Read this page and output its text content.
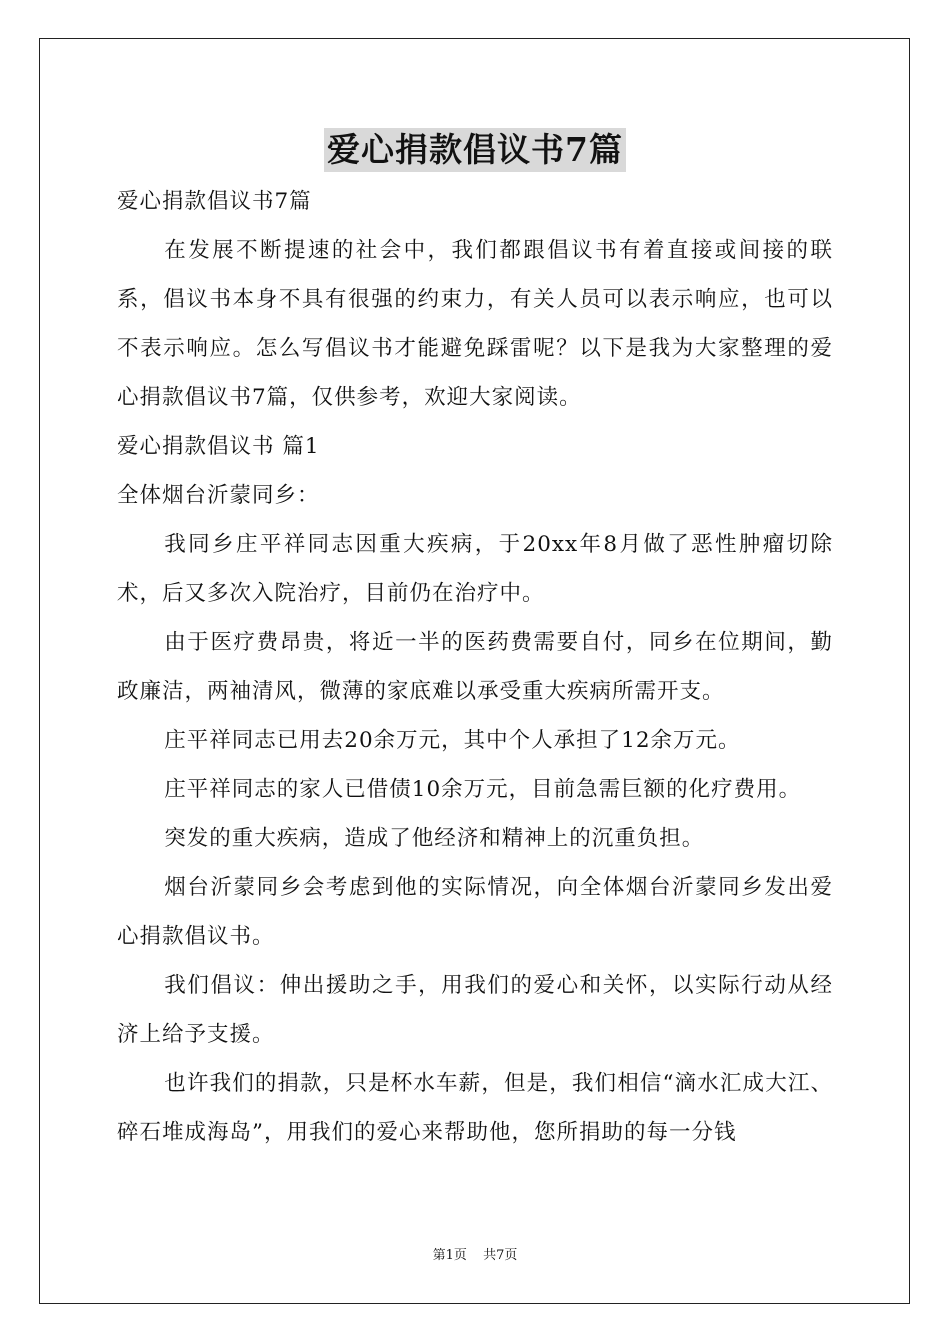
爱心捐款倡议书7篇

爱心捐款倡议书7篇

在发展不断提速的社会中，我们都跟倡议书有着直接或间接的联系，倡议书本身不具有很强的约束力，有关人员可以表示响应，也可以不表示响应。怎么写倡议书才能避免踩雷呢？以下是我为大家整理的爱心捐款倡议书7篇，仅供参考，欢迎大家阅读。

爱心捐款倡议书 篇1

全体烟台沂蒙同乡：

我同乡庄平祥同志因重大疾病，于20xx年8月做了恶性肿瘤切除术，后又多次入院治疗，目前仍在治疗中。

由于医疗费昂贵，将近一半的医药费需要自付，同乡在位期间，勤政廉洁，两袖清风，微薄的家底难以承受重大疾病所需开支。

庄平祥同志已用去20余万元，其中个人承担了12余万元。

庄平祥同志的家人已借债10余万元，目前急需巨额的化疗费用。

突发的重大疾病，造成了他经济和精神上的沉重负担。

烟台沂蒙同乡会考虑到他的实际情况，向全体烟台沂蒙同乡发出爱心捐款倡议书。

我们倡议：伸出援助之手，用我们的爱心和关怀，以实际行动从经济上给予支援。

也许我们的捐款，只是杯水车薪，但是，我们相信“滴水汇成大江、碎石堆成海岛”，用我们的爱心来帮助他，您所捐助的每一分钱

第1页 共7页
